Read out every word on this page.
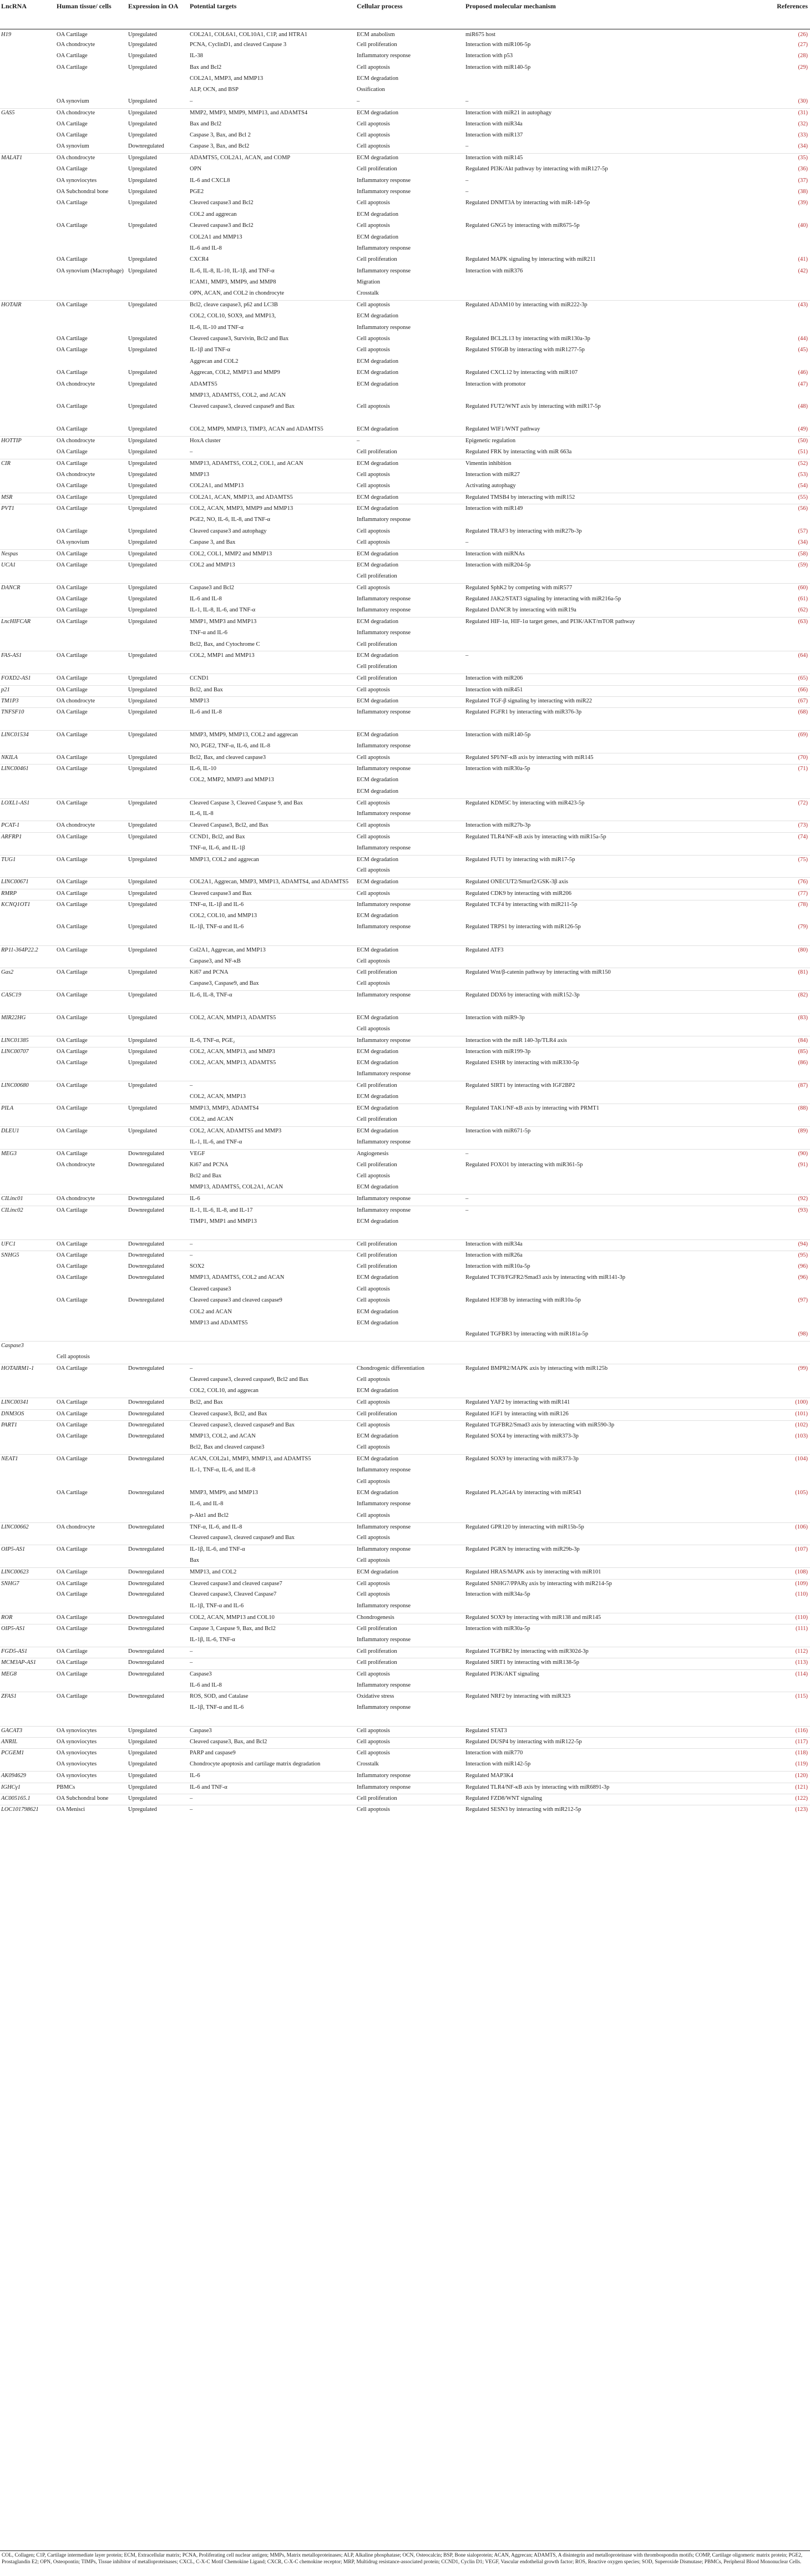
LncRNA	Human tissue/ cells	Expression in OA	Potential targets	Cellular process	Proposed molecular mechanism	References
H19	OA Cartilage	Upregulated	COL2A1, COL6A1, COL10A1, C1P, and HTRA1	ECM anabolism	miR675 host	(26)
	OA chondrocyte	Upregulated	PCNA, CyclinD1, and cleaved Caspase 3	Cell proliferation	Interaction with miR106-5p	(27)
	OA Cartilage	Upregulated	IL-38	Inflammatory response	Interaction with p53	(28)
	OA Cartilage	Upregulated	Bax and Bcl2	Cell apoptosis	Interaction with miR140-5p	(29)
			COL2A1, MMP3, and MMP13	ECM degradation		
			ALP, OCN, and BSP	Ossification		
	OA synovium	Upregulated	–	–	–	(30)
GAS5	OA chondrocyte	Upregulated	MMP2, MMP3, MMP9, MMP13, and ADAMTS4	ECM degradation	Interaction with miR21 in autophagy	(31)
	OA Cartilage	Upregulated	Bax and Bcl2	Cell apoptosis	Interaction with miR34a	(32)
	OA Cartilage	Upregulated	Caspase 3, Bax, and Bcl 2	Cell apoptosis	Interaction with miR137	(33)
	OA synovium	Downregulated	Caspase 3, Bax, and Bcl2	Cell apoptosis	–	(34)
MALAT1	OA chondrocyte	Upregulated	ADAMTS5, COL2A1, ACAN, and COMP	ECM degradation	Interaction with miR145	(35)
	OA Cartilage	Upregulated	OPN	Cell proliferation	Regulated PI3K/Akt pathway by interacting with miR127-5p	(36)
	OA synoviocytes	Upregulated	IL-6 and CXCL8	Inflammatory response	–	(37)
	OA Subchondral bone	Upregulated	PGE2	Inflammatory response	–	(38)
	OA Cartilage	Upregulated	Cleaved caspase3 and Bcl2	Cell apoptosis	Regulated DNMT3A by interacting with miR-149-5p	(39)
			COL2 and aggrecan	ECM degradation		
	OA Cartilage	Upregulated	Cleaved caspase3 and Bcl2	Cell apoptosis	Regulated GNG5 by interacting with miR675-5p	(40)
			COL2A1 and MMP13	ECM degradation		
			IL-6 and IL-8	Inflammatory response		
	OA Cartilage	Upregulated	CXCR4	Cell proliferation	Regulated MAPK signaling by interacting with miR211	(41)
	OA synovium (Macrophage)	Upregulated	IL-6, IL-8, IL-10, IL-1β, and TNF-α	Inflammatory response	Interaction with miR376	(42)
			ICAM1, MMP3, MMP9, and MMP8	Migration		
			OPN, ACAN, and COL2 in chondrocyte	Crosstalk		
HOTAIR	OA Cartilage	Upregulated	Bcl2, cleave caspase3, p62 and LC3B	Cell apoptosis	Regulated ADAM10 by interacting with miR222-3p	(43)
			COL2, COL10, SOX9, and MMP13,	ECM degradation		
			IL-6, IL-10 and TNF-α	Inflammatory response		
	OA Cartilage	Upregulated	Cleaved caspase3, Survivin, Bcl2 and Bax	Cell apoptosis	Regulated BCL2L13 by interacting with miR130a-3p	(44)
	OA Cartilage	Upregulated	IL-1β and TNF-α	Cell apoptosis	Regulated ST6GB by interacting with miR1277-5p	(45)
			Aggrecan and COL2	ECM degradation		
	OA Cartilage	Upregulated	Aggrecan, COL2, MMP13 and MMP9	ECM degradation	Regulated CXCL12 by interacting with miR107	(46)
	OA chondrocyte	Upregulated	ADAMTS5	ECM degradation	Interaction with promotor	(47)
			MMP13, ADAMTS5, COL2, and ACAN			
	OA Cartilage	Upregulated	Cleaved caspase3, cleaved caspase9 and Bax	Cell apoptosis	Regulated FUT2/WNT axis by interacting with miR17-5p	(48)

	OA Cartilage	Upregulated	COL2, MMP9, MMP13, TIMP3, ACAN and ADAMTS5	ECM degradation	Regulated WIF1/WNT pathway	(49)
HOTTIP	OA chondrocyte	Upregulated	HoxA cluster	–	Epigenetic regulation	(50)
	OA Cartilage	Upregulated	–	Cell proliferation	Regulated FRK by interacting with miR 663a	(51)
CIR	OA Cartilage	Upregulated	MMP13, ADAMTS5, COL2, COL1, and ACAN	ECM degradation	Vimentin inhibition	(52)
	OA chondrocyte	Upregulated	MMP13	Cell apoptosis	Interaction with miR27	(53)
	OA Cartilage	Upregulated	COL2A1, and MMP13	Cell apoptosis	Activating autophagy	(54)
MSR	OA Cartilage	Upregulated	COL2A1, ACAN, MMP13, and ADAMTS5	ECM degradation	Regulated TMSB4 by interacting with miR152	(55)
PVT1	OA Cartilage	Upregulated	COL2, ACAN, MMP3, MMP9 and MMP13	ECM degradation	Interaction with miR149	(56)
			PGE2, NO, IL-6, IL-8, and TNF-α	Inflammatory response		
	OA Cartilage	Upregulated	Cleaved caspase3 and autophagy	Cell apoptosis	Regulated TRAF3 by interacting with miR27b-3p	(57)
	OA synovium	Upregulated	Caspase 3, and Bax	Cell apoptosis	–	(34)
Nespas	OA Cartilage	Upregulated	COL2, COL1, MMP2 and MMP13	ECM degradation	Interaction with miRNAs	(58)
UCA1	OA Cartilage	Upregulated	COL2 and MMP13	ECM degradation	Interaction with miR204-5p	(59)
				Cell proliferation		
DANCR	OA Cartilage	Upregulated	Caspase3 and Bcl2	Cell apoptosis	Regulated SphK2 by competing with miR577	(60)
	OA Cartilage	Upregulated	IL-6 and IL-8	Inflammatory response	Regulated JAK2/STAT3 signaling by interacting with miR216a-5p	(61)
	OA Cartilage	Upregulated	IL-1, IL-8, IL-6, and TNF-α	Inflammatory response	Regulated DANCR by interacting with miR19a	(62)
LncHIFCAR	OA Cartilage	Upregulated	MMP1, MMP3 and MMP13	ECM degradation	Regulated HIF-1α, HIF-1α target genes, and PI3K/AKT/mTOR pathway	(63)
			TNF-α and IL-6	Inflammatory response		
			Bcl2, Bax, and Cytochrome C	Cell proliferation		
FAS-AS1	OA Cartilage	Upregulated	COL2, MMP1 and MMP13	ECM degradation	–	(64)
				Cell proliferation		
FOXD2-AS1	OA Cartilage	Upregulated	CCND1	Cell proliferation	Interaction with miR206	(65)
p21	OA Cartilage	Upregulated	Bcl2, and Bax	Cell apoptosis	Interaction with miR451	(66)
TM1P3	OA chondrocyte	Upregulated	MMP13	ECM degradation	Regulated TGF-β signaling by interacting with miR22	(67)
TNFSF10	OA Cartilage	Upregulated	IL-6 and IL-8	Inflammatory response	Regulated FGFR1 by interacting with miR376-3p	(68)

LINC01534	OA Cartilage	Upregulated	MMP3, MMP9, MMP13, COL2 and aggrecan	ECM degradation	Interaction with miR140-5p	(69)
			NO, PGE2, TNF-α, IL-6, and IL-8	Inflammatory response		
NKILA	OA Cartilage	Upregulated	Bcl2, Bax, and cleaved caspase3	Cell apoptosis	Regulated SPI/NF-κB axis by interacting with miR145	(70)
LINC00461	OA Cartilage	Upregulated	IL-6, IL-10	Inflammatory response	Interaction with miR30a-5p	(71)
			COL2, MMP2, MMP3 and MMP13	ECM degradation		
				ECM degradation		
LOXL1-AS1	OA Cartilage	Upregulated	Cleaved Caspase 3, Cleaved Caspase 9, and Bax	Cell apoptosis	Regulated KDM5C by interacting with miR423-5p	(72)
			IL-6, IL-8	Inflammatory response		
PCAT-1	OA chondrocyte	Upregulated	Cleaved Caspase3, Bcl2, and Bax	Cell apoptosis	Interaction with miR27b-3p	(73)
ARFRP1	OA Cartilage	Upregulated	CCND1, Bcl2, and Bax	Cell apoptosis	Regulated TLR4/NF-κB axis by interacting with miR15a-5p	(74)
			TNF-α, IL-6, and IL-1β	Inflammatory response		
TUG1	OA Cartilage	Upregulated	MMP13, COL2 and aggrecan	ECM degradation	Regulated FUT1 by interacting with miR17-5p	(75)
				Cell apoptosis		
LINC00671	OA Cartilage	Upregulated	COL2A1, Aggrecan, MMP3, MMP13, ADAMTS4, and ADAMTS5	ECM degradation	Regulated ONECUT2/Smurf2/GSK-3β axis	(76)
RMRP	OA Cartilage	Upregulated	Cleaved caspase3 and Bax	Cell apoptosis	Regulated CDK9 by interacting with miR206	(77)
KCNQ1OT1	OA Cartilage	Upregulated	TNF-α, IL-1β and IL-6	Inflammatory response	Regulated TCF4 by interacting with miR211-5p	(78)
			COL2, COL10, and MMP13	ECM degradation		
	OA Cartilage	Upregulated	IL-1β, TNF-α and IL-6	Inflammatory response	Regulated TRPS1 by interacting with miR126-5p	(79)

RP11-364P22.2	OA Cartilage	Upregulated	Col2A1, Aggrecan, and MMP13	ECM degradation	Regulated ATF3	(80)
			Caspase3, and NF-κB	Cell apoptosis		
Gas2	OA Cartilage	Upregulated	Ki67 and PCNA	Cell proliferation	Regulated Wnt/β-catenin pathway by interacting with miR150	(81)
			Caspase3, Caspase9, and Bax	Cell apoptosis		
CASC19	OA Cartilage	Upregulated	IL-6, IL-8, TNF-α	Inflammatory response	Regulated DDX6 by interacting with miR152-3p	(82)

MIR22HG	OA Cartilage	Upregulated	COL2, ACAN, MMP13, ADAMTS5	ECM degradation	Interaction with miR9-3p	(83)
				Cell apoptosis		
LINC01385	OA Cartilage	Upregulated	IL-6, TNF-α, PGE₂	Inflammatory response	Interaction with the miR 140-3p/TLR4 axis	(84)
LINC00707	OA Cartilage	Upregulated	COL2, ACAN, MMP13, and MMP3	ECM degradation	Interaction with miR199-3p	(85)
	OA Cartilage	Upregulated	COL2, ACAN, MMP13, ADAMTS5	ECM degradation	Regulated ESHR by interacting with miR330-5p	(86)
				Inflammatory response		
LINC00680	OA Cartilage	Upregulated	–	Cell proliferation	Regulated SIRT1 by interacting with IGF2BP2	(87)
			COL2, ACAN, MMP13	ECM degradation		
PILA	OA Cartilage	Upregulated	MMP13, MMP3, ADAMTS4	ECM degradation	Regulated TAK1/NF-κB axis by interacting with PRMT1	(88)
			COL2, and ACAN	Cell proliferation		
DLEU1	OA Cartilage	Upregulated	COL2, ACAN, ADAMTS5 and MMP3	ECM degradation	Interaction with miR671-5p	(89)
			IL-1, IL-6, and TNF-α	Inflammatory response		
MEG3	OA Cartilage	Downregulated	VEGF	Angiogenesis	–	(90)
	OA chondrocyte	Downregulated	Ki67 and PCNA	Cell proliferation	Regulated FOXO1 by interacting with miR361-5p	(91)
			Bcl2 and Bax	Cell apoptosis		
			MMP13, ADAMTS5, COL2A1, ACAN	ECM degradation		
CILinc01	OA chondrocyte	Downregulated	IL-6	Inflammatory response	–	(92)
CILinc02	OA Cartilage	Downregulated	IL-1, IL-6, IL-8, and IL-17	Inflammatory response	–	(93)
			TIMP1, MMP1 and MMP13	ECM degradation		

UFC1	OA Cartilage	Downregulated	–	Cell proliferation	Interaction with miR34a	(94)
SNHG5	OA Cartilage	Downregulated	–	Cell proliferation	Interaction with miR26a	(95)
	OA Cartilage	Downregulated	SOX2	Cell proliferation	Interaction with miR10a-5p	(96)
	OA Cartilage	Downregulated	MMP13, ADAMTS5, COL2 and ACAN	ECM degradation	Regulated TCF8/FGFR2/Smad3 axis by interacting with miR141-3p	(96)
			Cleaved caspase3	Cell apoptosis		
	OA Cartilage	Downregulated	Cleaved caspase3 and cleaved caspase9	Cell apoptosis	Regulated H3F3B by interacting with miR10a-5p	(97)
			COL2 and ACAN	ECM degradation		
			MMP13 and ADAMTS5	ECM degradation		
					Regulated TGFBR3 by interacting with miR181a-5p	(98)
Caspase3						
	Cell apoptosis					
HOTAIRM1-1	OA Cartilage	Downregulated	–	Chondrogenic differentiation	Regulated BMPR2/MAPK axis by interacting with miR125b	(99)
			Cleaved caspase3, cleaved caspase9, Bcl2 and Bax	Cell apoptosis		
			COL2, COL10, and aggrecan	ECM degradation		
LINC00341	OA Cartilage	Downregulated	Bcl2, and Bax	Cell apoptosis	Regulated YAF2 by interacting with miR141	(100)
DNM3OS	OA Cartilage	Downregulated	Cleaved caspase3, Bcl2, and Bax	Cell proliferation	Regulated IGF1 by interacting with miR126	(101)
PART1	OA Cartilage	Downregulated	Cleaved caspase3, cleaved caspase9 and Bax	Cell apoptosis	Regulated TGFBR2/Smad3 axis by interacting with miR590-3p	(102)
	OA Cartilage	Downregulated	MMP13, COL2, and ACAN	ECM degradation	Regulated SOX4 by interacting with miR373-3p	(103)
			Bcl2, Bax and cleaved caspase3	Cell apoptosis		
NEAT1	OA Cartilage	Downregulated	ACAN, COL2a1, MMP3, MMP13, and ADAMTS5	ECM degradation	Regulated SOX9 by interacting with miR373-3p	(104)
			IL-1, TNF-α, IL-6, and IL-8	Inflammatory response		
				Cell apoptosis		
	OA Cartilage	Downregulated	MMP3, MMP9, and MMP13	ECM degradation	Regulated PLA2G4A by interacting with miR543	(105)
			IL-6, and IL-8	Inflammatory response		
			p-Akt1 and Bcl2	Cell apoptosis		
LINC00662	OA chondrocyte	Downregulated	TNF-α, IL-6, and IL-8	Inflammatory response	Regulated GPR120 by interacting with miR15b-5p	(106)
			Cleaved caspase3, cleaved caspase9 and Bax	Cell apoptosis		
OIP5-AS1	OA Cartilage	Downregulated	IL-1β, IL-6, and TNF-α	Inflammatory response	Regulated PGRN by interacting with miR29b-3p	(107)
			Bax	Cell apoptosis		
LINC00623	OA Cartilage	Downregulated	MMP13, and COL2	ECM degradation	Regulated HRAS/MAPK axis by interacting with miR101	(108)
SNHG7	OA Cartilage	Downregulated	Cleaved caspase3 and cleaved caspase7	Cell apoptosis	Regulated SNHG7/PPARγ axis by interacting with miR214-5p	(109)
	OA Cartilage	Downregulated	Cleaved caspase3, Cleaved Caspase7	Cell apoptosis	Interaction with miR34a-5p	(110)
			IL-1β, TNF-α and IL-6	Inflammatory response		
ROR	OA Cartilage	Downregulated	COL2, ACAN, MMP13 and COL10	Chondrogenesis	Regulated SOX9 by interacting with miR138 and miR145	(110)
OIP5-AS1	OA Cartilage	Downregulated	Caspase 3, Caspase 9, Bax, and Bcl2	Cell proliferation	Interaction with miR30a-5p	(111)
			IL-1β, IL-6, TNF-α	Inflammatory response		
FGD5-AS1	OA Cartilage	Downregulated	–	Cell proliferation	Regulated TGFBR2 by interacting with miR302d-3p	(112)
MCM3AP-AS1	OA Cartilage	Downregulated	–	Cell proliferation	Regulated SIRT1 by interacting with miR138-5p	(113)
MEG8	OA Cartilage	Downregulated	Caspase3	Cell apoptosis	Regulated PI3K/AKT signaling	(114)
			IL-6 and IL-8	Inflammatory response		
ZFAS1	OA Cartilage	Downregulated	ROS, SOD, and Catalase	Oxidative stress	Regulated NRF2 by interacting with miR323	(115)
			IL-1β, TNF-α and IL-6	Inflammatory response		

GACAT3	OA synoviocytes	Upregulated	Caspase3	Cell apoptosis	Regulated STAT3	(116)
ANRIL	OA synoviocytes	Upregulated	Cleaved caspase3, Bax, and Bcl2	Cell apoptosis	Regulated DUSP4 by interacting with miR122-5p	(117)
PCGEM1	OA synoviocytes	Upregulated	PARP and caspase9	Cell apoptosis	Interaction with miR770	(118)
	OA synoviocytes	Upregulated	Chondrocyte apoptosis and cartilage matrix degradation	Crosstalk	Interaction with miR142-5p	(119)
AK094629	OA synoviocytes	Upregulated	IL-6	Inflammatory response	Regulated MAP3K4	(120)
IGHCγ1	PBMCs	Upregulated	IL-6 and TNF-α	Inflammatory response	Regulated TLR4/NF-κB axis by interacting with miR6891-3p	(121)
AC005165.1	OA Subchondral bone	Upregulated	–	Cell proliferation	Regulated FZD8/WNT signaling	(122)
LOC101798621	OA Menisci	Upregulated	–	Cell apoptosis	Regulated SESN3 by interacting with miR212-5p	(123)
COL, Collagen; C1P, Cartilage intermediate layer protein; ECM, Extracellular matrix; PCNA, Proliferating cell nuclear antigen; MMPs, Matrix metalloproteinases; ALP, Alkaline phosphatase; OCN, Osteocalcin; BSP, Bone sialoprotein; ACAN, Aggrecan; ADAMTS, A disintegrin and metalloproteinase with thrombospondin motifs; COMP, Cartilage oligomeric matrix protein; PGE2, Prostaglandin E2; OPN, Osteopontin; TIMPs, Tissue inhibitor of metalloproteinases; CXCL, C-X-C Motif Chemokine Ligand; CXCR, C-X-C chemokine receptor; MRP, Multidrug resistance-associated protein; CCND1, Cyclin D1; VEGF, Vascular endothelial growth factor; ROS, Reactive oxygen species; SOD, Superoxide Dismutase; PBMCs, Peripheral Blood Mononuclear Cells.
